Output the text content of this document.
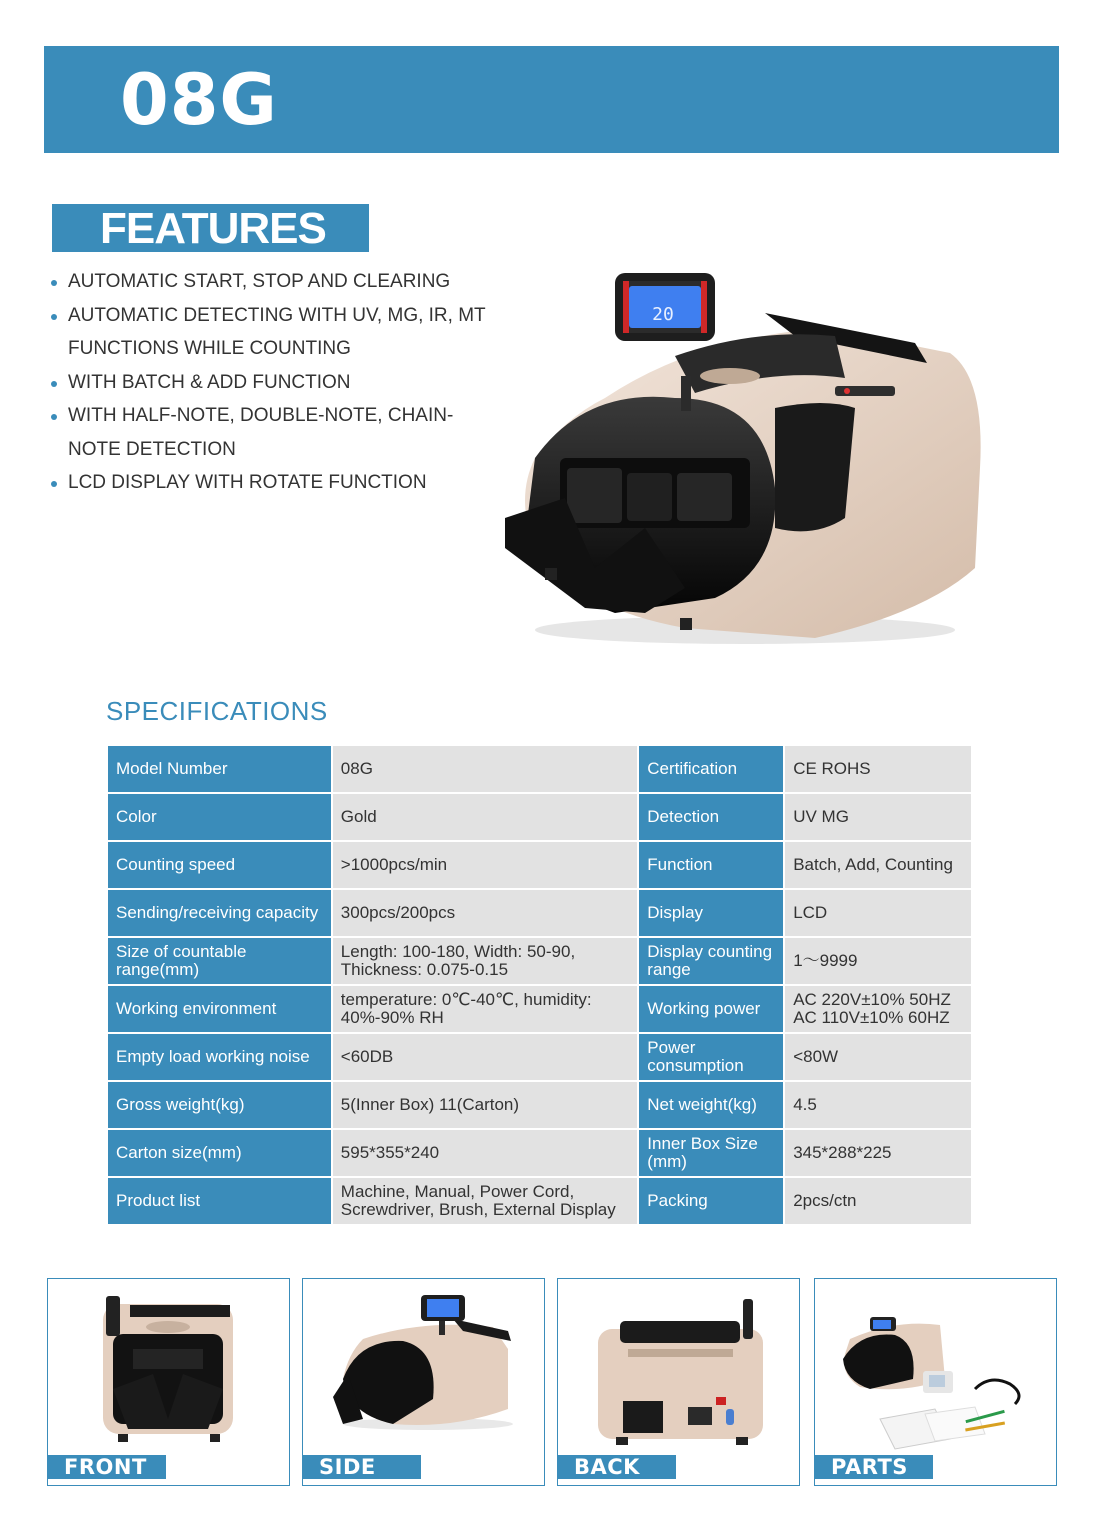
08G
FEATURES
AUTOMATIC START, STOP AND CLEARING
AUTOMATIC DETECTING WITH UV, MG, IR, MT FUNCTIONS WHILE COUNTING
WITH BATCH & ADD FUNCTION
WITH HALF-NOTE, DOUBLE-NOTE, CHAIN-NOTE DETECTION
LCD DISPLAY WITH ROTATE FUNCTION
20
SPECIFICATIONS
Model Number	08G	Certification	CE ROHS
Color	Gold	Detection	UV MG
Counting speed	>1000pcs/min	Function	Batch, Add, Counting
Sending/receiving capacity	300pcs/200pcs	Display	LCD
Size of countable range(mm)	Length: 100-180, Width: 50-90, Thickness: 0.075-0.15	Display counting range	1～9999
Working environment	temperature: 0℃-40℃, humidity: 40%-90% RH	Working power	AC 220V±10% 50HZ AC 110V±10% 60HZ
Empty load working noise	<60DB	Power consumption	<80W
Gross weight(kg)	5(Inner Box) 11(Carton)	Net weight(kg)	4.5
Carton size(mm)	595*355*240	Inner Box Size (mm)	345*288*225
Product list	Machine, Manual, Power Cord, Screwdriver, Brush, External Display	Packing	2pcs/ctn
FRONT	SIDE	BACK	PARTS
